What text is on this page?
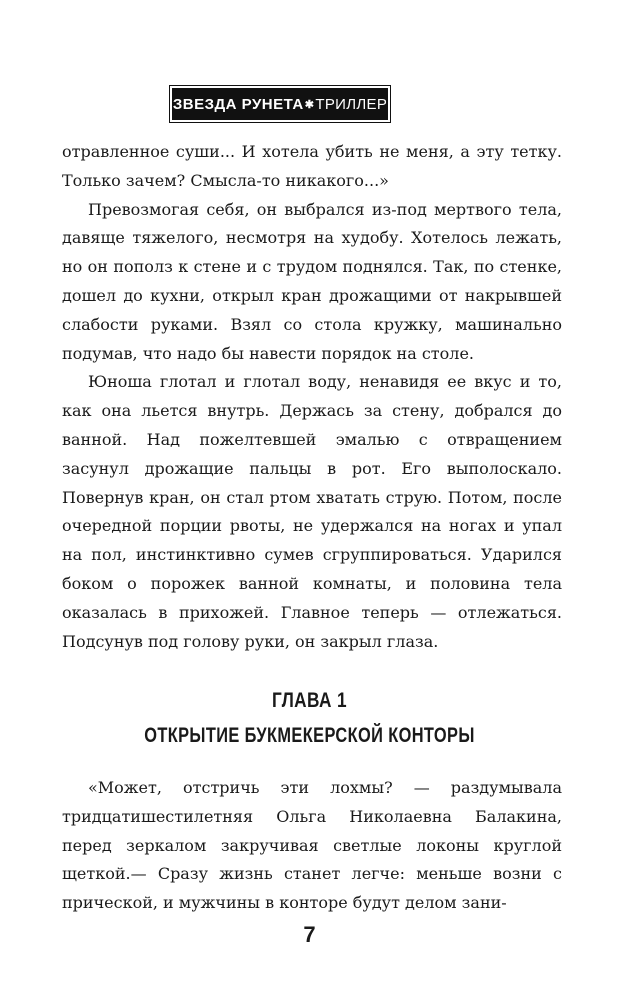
ЗВЕЗДА РУНЕТА ✱ ТРИЛЛЕР

отравленное суши... И хотела убить не меня, а эту тетку. Только зачем? Смысла-то никакого...»

Превозмогая себя, он выбрался из-под мертвого тела, давяще тяжелого, несмотря на худобу. Хотелось лежать, но он пополз к стене и с трудом поднялся. Так, по стенке, дошел до кухни, открыл кран дрожащими от накрывшей слабости руками. Взял со стола кружку, машинально подумав, что надо бы навести порядок на столе.

Юноша глотал и глотал воду, ненавидя ее вкус и то, как она льется внутрь. Держась за стену, добрался до ванной. Над пожелтевшей эмалью с отвращением засунул дрожащие пальцы в рот. Его выполоскало. Повернув кран, он стал ртом хватать струю. Потом, после очередной порции рвоты, не удержался на ногах и упал на пол, инстинктивно сумев сгруппироваться. Ударился боком о порожек ванной комнаты, и половина тела оказалась в прихожей. Главное теперь — отлежаться. Подсунув под голову руки, он закрыл глаза.

ГЛАВА 1
ОТКРЫТИЕ БУКМЕКЕРСКОЙ КОНТОРЫ

«Может, отстричь эти лохмы? — раздумывала тридцатишестилетняя Ольга Николаевна Балакина, перед зеркалом закручивая светлые локоны круглой щеткой.— Сразу жизнь станет легче: меньше возни с прической, и мужчины в конторе будут делом зани-

7
